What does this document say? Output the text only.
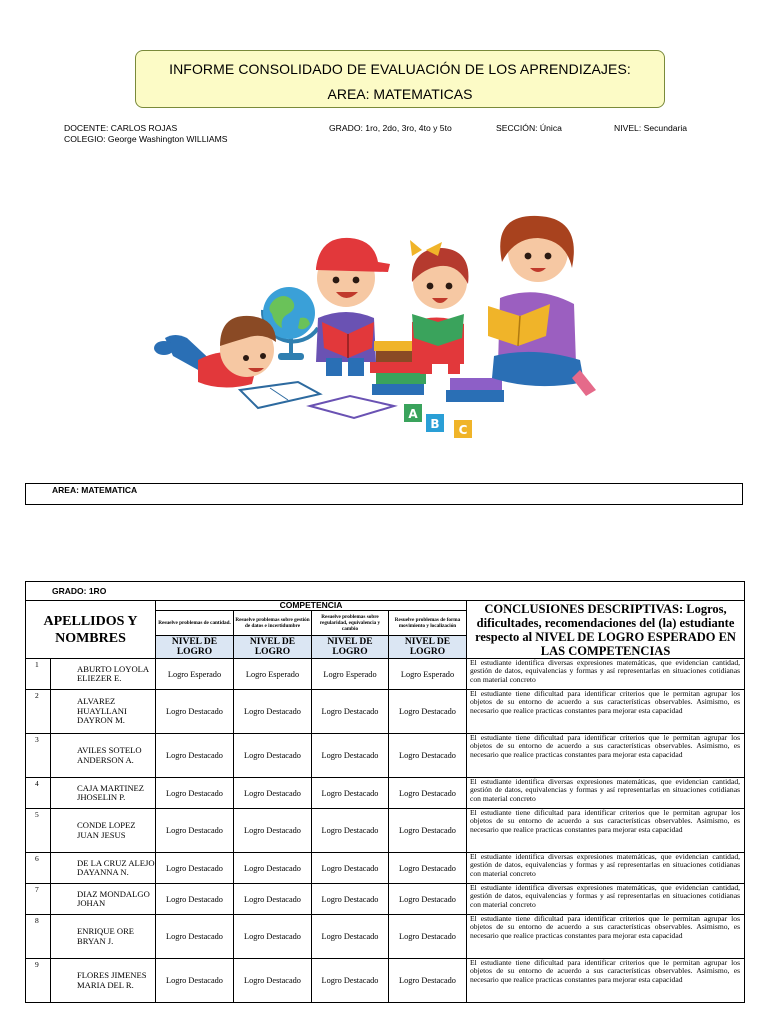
INFORME CONSOLIDADO DE EVALUACIÓN DE LOS APRENDIZAJES:
AREA: MATEMATICAS
DOCENTE: CARLOS ROJAS
COLEGIO: George Washington WILLIAMS
GRADO: 1ro, 2do, 3ro, 4to y 5to	SECCIÓN: Única	NIVEL: Secundaria
A
B C
AREA: MATEMATICA
GRADO: 1RO						
APELLIDOS Y NOMBRES		COMPETENCIA				CONCLUSIONES DESCRIPTIVAS: Logros, dificultades, recomendaciones del (la) estudiante respecto al NIVEL DE LOGRO ESPERADO EN LAS COMPETENCIAS
		Resuelve problemas de cantidad.	Resuelve problemas sobre gestión de datos e incertidumbre	Resuelve problemas sobre regularidad, equivalencia y cambio	Resuelve problemas de forma movimiento y localización	
		NIVEL DE LOGRO	NIVEL DE LOGRO	NIVEL DE LOGRO	NIVEL DE LOGRO	

1	ABURTO LOYOLA ELIEZER E.	Logro Esperado	Logro Esperado	Logro Esperado	Logro Esperado	El estudiante identifica diversas expresiones matemáticas, que evidencian cantidad, gestión de datos, equivalencias y formas y así representarlas en situaciones cotidianas con material concreto

2	ALVAREZ HUAYLLANI DAYRON M.	Logro Destacado	Logro Destacado	Logro Destacado	Logro Destacado	El estudiante tiene dificultad para identificar criterios que le permitan agrupar los objetos de su entorno de acuerdo a sus características observables. Asimismo, es necesario que realice practicas constantes para mejorar esta capacidad

3	AVILES SOTELO ANDERSON A.	Logro Destacado	Logro Destacado	Logro Destacado	Logro Destacado	El estudiante tiene dificultad para identificar criterios que le permitan agrupar los objetos de su entorno de acuerdo a sus características observables. Asimismo, es necesario que realice practicas constantes para mejorar esta capacidad

4	CAJA MARTINEZ JHOSELIN P.	Logro Destacado	Logro Destacado	Logro Destacado	Logro Destacado	El estudiante identifica diversas expresiones matemáticas, que evidencian cantidad, gestión de datos, equivalencias y formas y así representarlas en situaciones cotidianas con material concreto

5	CONDE LOPEZ JUAN JESUS	Logro Destacado	Logro Destacado	Logro Destacado	Logro Destacado	El estudiante tiene dificultad para identificar criterios que le permitan agrupar los objetos de su entorno de acuerdo a sus características observables. Asimismo, es necesario que realice practicas constantes para mejorar esta capacidad

6	DE LA CRUZ ALEJO DAYANNA N.	Logro Destacado	Logro Destacado	Logro Destacado	Logro Destacado	El estudiante identifica diversas expresiones matemáticas, que evidencian cantidad, gestión de datos, equivalencias y formas y así representarlas en situaciones cotidianas con material concreto

7	DIAZ MONDALGO JOHAN	Logro Destacado	Logro Destacado	Logro Destacado	Logro Destacado	El estudiante identifica diversas expresiones matemáticas, que evidencian cantidad, gestión de datos, equivalencias y formas y así representarlas en situaciones cotidianas con material concreto

8	ENRIQUE ORE BRYAN J.	Logro Destacado	Logro Destacado	Logro Destacado	Logro Destacado	El estudiante tiene dificultad para identificar criterios que le permitan agrupar los objetos de su entorno de acuerdo a sus características observables. Asimismo, es necesario que realice practicas constantes para mejorar esta capacidad

9	FLORES JIMENES MARIA DEL R.	Logro Destacado	Logro Destacado	Logro Destacado	Logro Destacado	El estudiante tiene dificultad para identificar criterios que le permitan agrupar los objetos de su entorno de acuerdo a sus características observables. Asimismo, es necesario que realice practicas constantes para mejorar esta capacidad
